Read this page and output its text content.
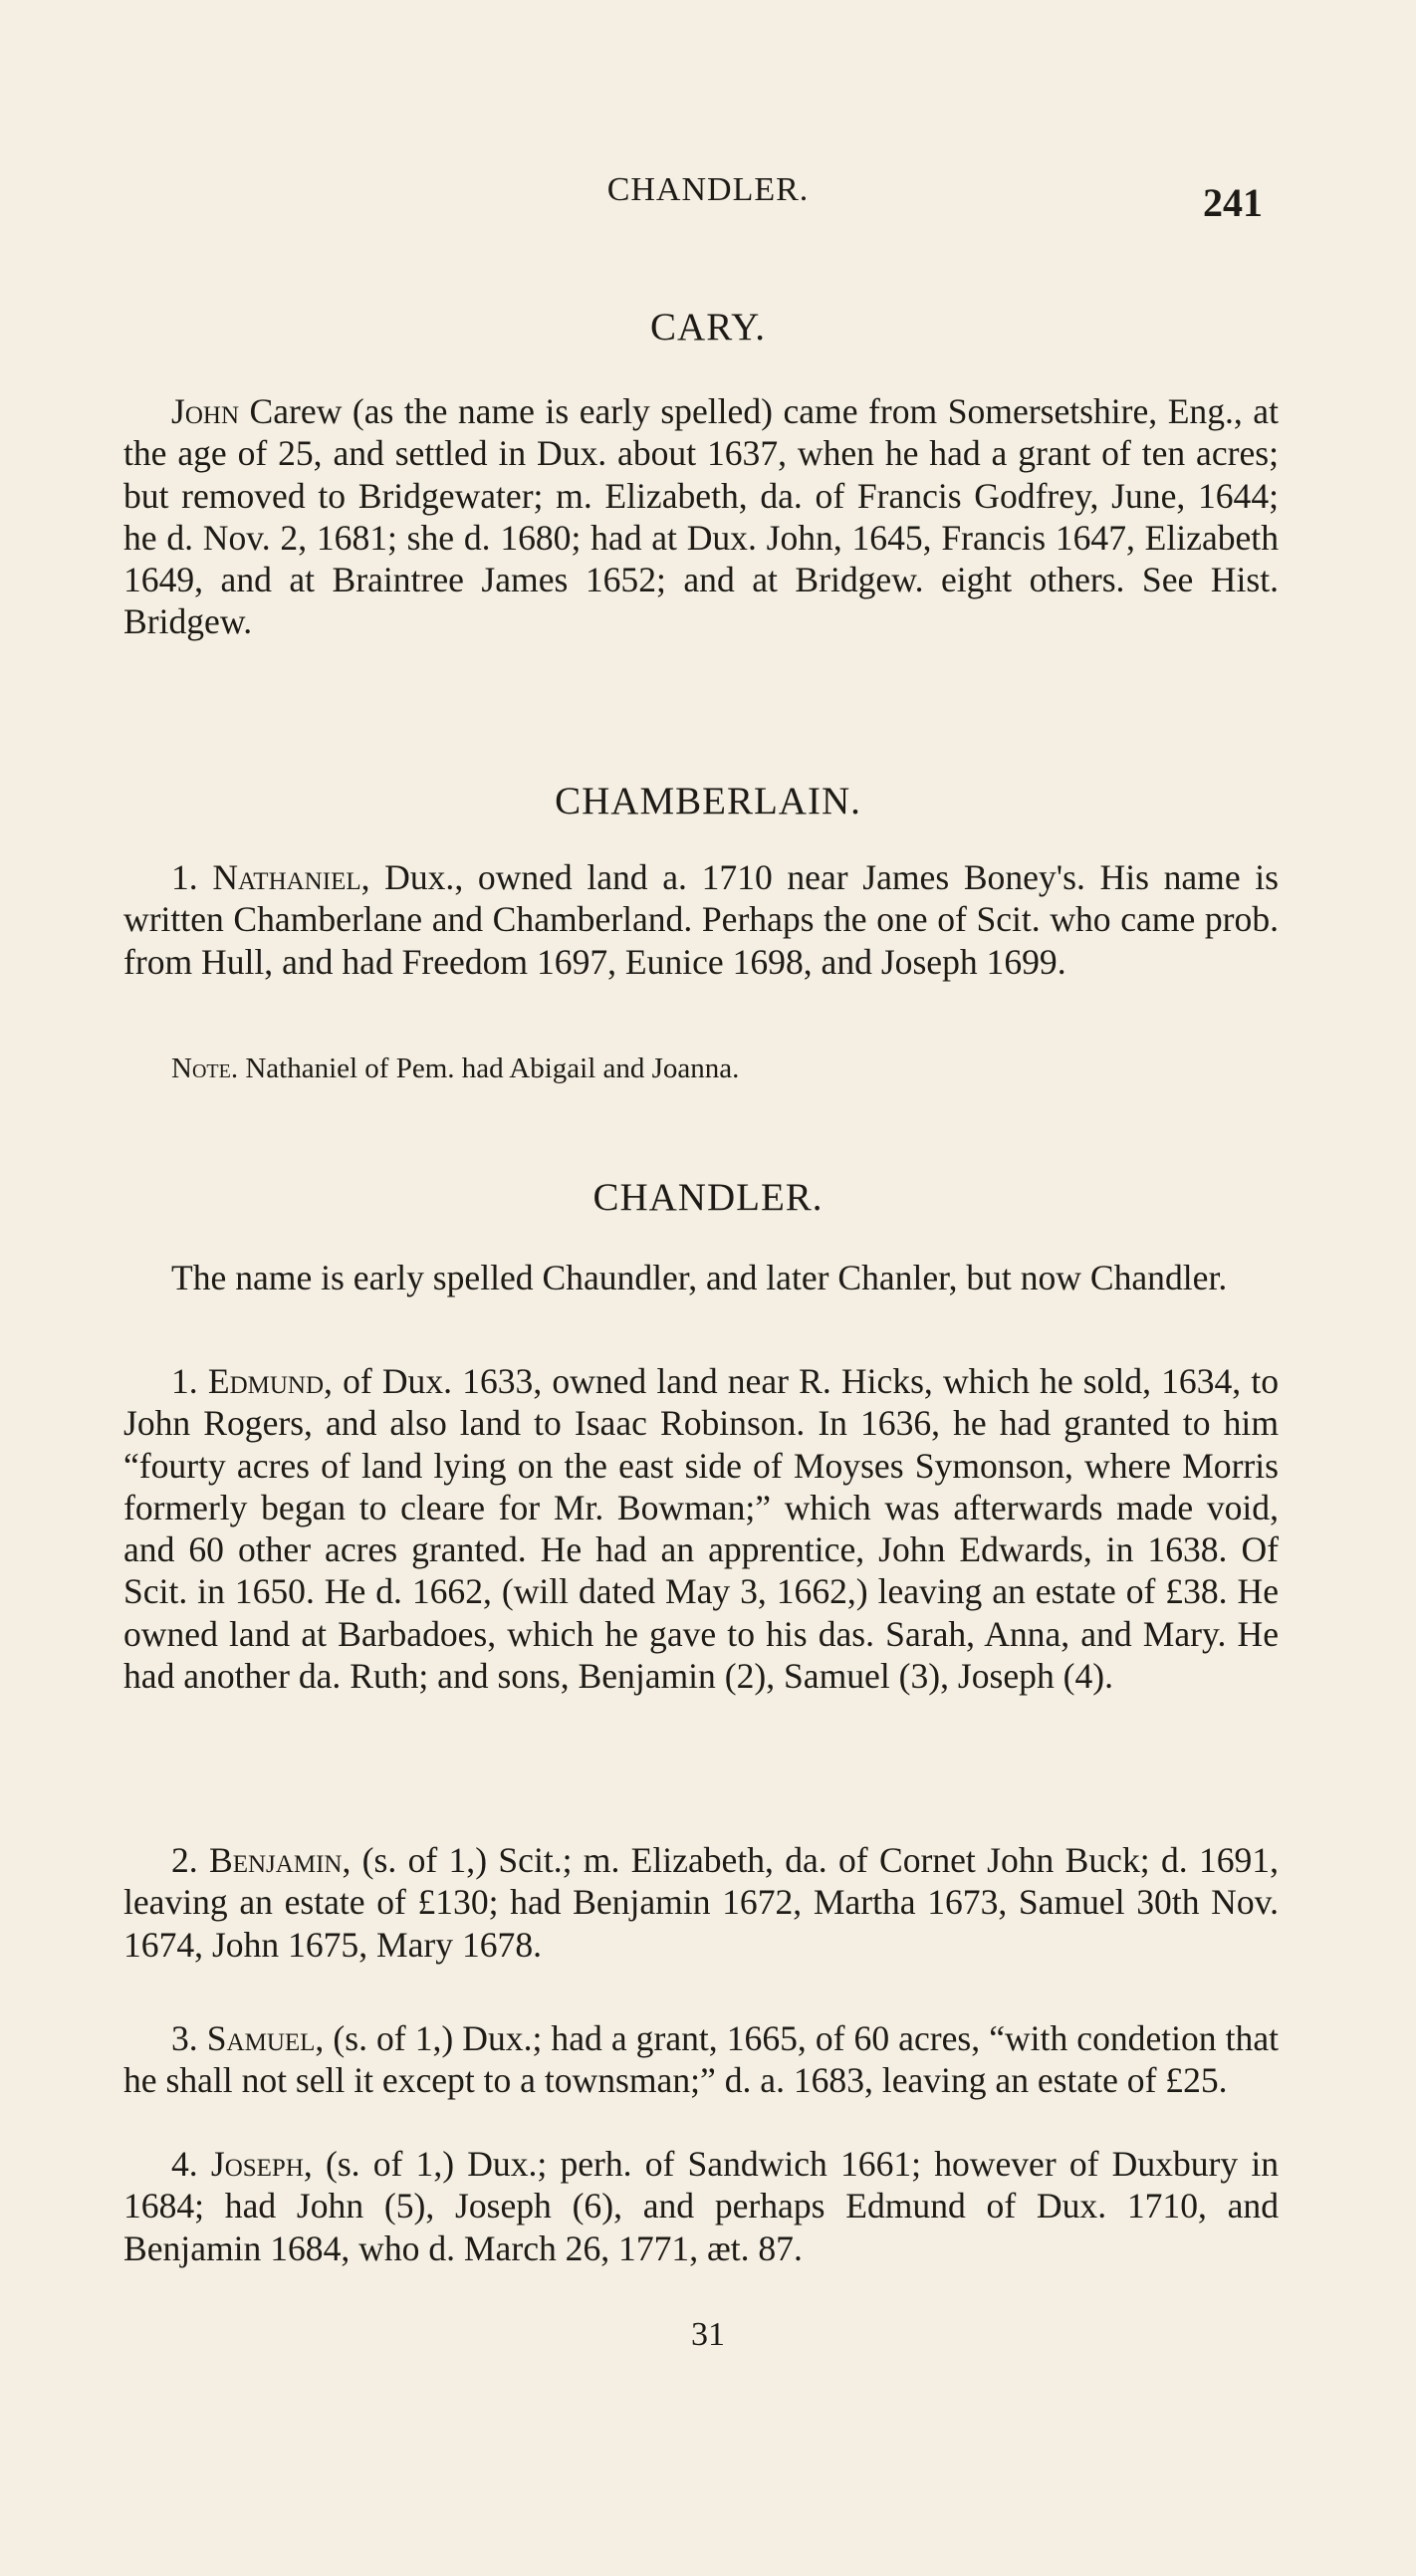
CHANDLER.	241
CARY.

John Carew (as the name is early spelled) came from Somersetshire, Eng., at the age of 25, and settled in Dux. about 1637, when he had a grant of ten acres; but removed to Bridgewater; m. Elizabeth, da. of Francis Godfrey, June, 1644; he d. Nov. 2, 1681; she d. 1680; had at Dux. John, 1645, Francis 1647, Elizabeth 1649, and at Braintree James 1652; and at Bridgew. eight others. See Hist. Bridgew.

CHAMBERLAIN.

1. Nathaniel, Dux., owned land a. 1710 near James Boney's. His name is written Chamberlane and Chamberland. Perhaps the one of Scit. who came prob. from Hull, and had Freedom 1697, Eunice 1698, and Joseph 1699.

Note. Nathaniel of Pem. had Abigail and Joanna.

CHANDLER.

The name is early spelled Chaundler, and later Chanler, but now Chandler.

1. Edmund, of Dux. 1633, owned land near R. Hicks, which he sold, 1634, to John Rogers, and also land to Isaac Robinson. In 1636, he had granted to him “fourty acres of land lying on the east side of Moyses Symonson, where Morris formerly began to cleare for Mr. Bowman;” which was afterwards made void, and 60 other acres granted. He had an apprentice, John Edwards, in 1638. Of Scit. in 1650. He d. 1662, (will dated May 3, 1662,) leaving an estate of £38. He owned land at Barbadoes, which he gave to his das. Sarah, Anna, and Mary. He had another da. Ruth; and sons, Benjamin (2), Samuel (3), Joseph (4).

2. Benjamin, (s. of 1,) Scit.; m. Elizabeth, da. of Cornet John Buck; d. 1691, leaving an estate of £130; had Benjamin 1672, Martha 1673, Samuel 30th Nov. 1674, John 1675, Mary 1678.

3. Samuel, (s. of 1,) Dux.; had a grant, 1665, of 60 acres, “with condetion that he shall not sell it except to a townsman;” d. a. 1683, leaving an estate of £25.

4. Joseph, (s. of 1,) Dux.; perh. of Sandwich 1661; however of Duxbury in 1684; had John (5), Joseph (6), and perhaps Edmund of Dux. 1710, and Benjamin 1684, who d. March 26, 1771, æt. 87.

31
